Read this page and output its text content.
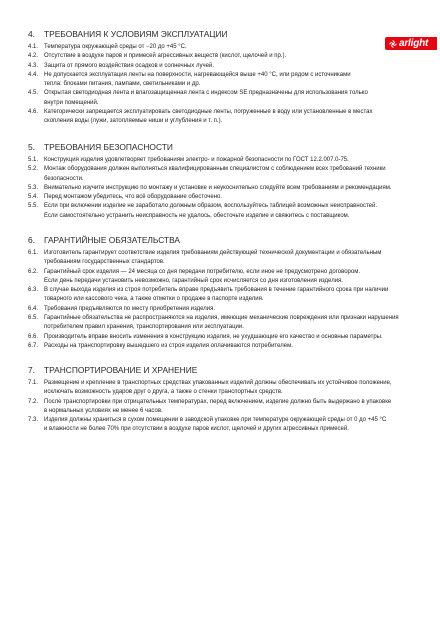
arlight
4.	ТРЕБОВАНИЯ К УСЛОВИЯМ ЭКСПЛУАТАЦИИ
4.1. Температура окружающей среды от −20 до +45 °C.
4.2. Отсутствие в воздухе паров и примесей агрессивных веществ (кислот, щелочей и пр.).
4.3. Защита от прямого воздействия осадков и солнечных лучей.
4.4. Не допускается эксплуатация ленты на поверхности, нагревающейся выше +40 °C, или рядом с источниками
тепла: блоками питания, лампами, светильниками и др.
4.5. Открытая светодиодная лента и влагозащищенная лента с индексом SE предназначены для использования только
внутри помещений.
4.6. Категорически запрещается эксплуатировать светодиодные ленты, погруженные в воду или установленные в местах
скопления воды (лужи, затопляемые ниши и углубления и т. п.).
5.	ТРЕБОВАНИЯ БЕЗОПАСНОСТИ
5.1. Конструкция изделия удовлетворяет требованиям электро- и пожарной безопасности по ГОСТ 12.2.007.0-75.
5.2. Монтаж оборудования должен выполняться квалифицированным специалистом с соблюдением всех требований техники
безопасности.
5.3. Внимательно изучите инструкцию по монтажу и установке и неукоснительно следуйте всем требованиям и рекомендациям.
5.4. Перед монтажом убедитесь, что всё оборудование обесточено.
5.5. Если при включении изделие не заработало должным образом, воспользуйтесь таблицей возможных неисправностей.
Если самостоятельно устранить неисправность не удалось, обесточьте изделие и свяжитесь с поставщиком.
6.	ГАРАНТИЙНЫЕ ОБЯЗАТЕЛЬСТВА
6.1. Изготовитель гарантирует соответствие изделия требованиям действующей технической документации и обязательным
требованиям государственных стандартов.
6.2. Гарантийный срок изделия — 24 месяца со дня передачи потребителю, если иное не предусмотрено договором.
Если день передачи установить невозможно, гарантийный срок исчисляется со дня изготовления изделия.
6.3. В случае выхода изделия из строя потребитель вправе предъявить требования в течение гарантийного срока при наличии
товарного или кассового чека, а также отметки о продаже в паспорте изделия.
6.4. Требования предъявляются по месту приобретения изделия.
6.5. Гарантийные обязательства не распространяются на изделия, имеющие механические повреждения или признаки нарушения
потребителем правил хранения, транспортирования или эксплуатации.
6.6. Производитель вправе вносить изменения в конструкцию изделия, не ухудшающие его качество и основные параметры.
6.7. Расходы на транспортировку вышедшего из строя изделия оплачиваются потребителем.
7.	ТРАНСПОРТИРОВАНИЕ И ХРАНЕНИЕ
7.1. Размещение и крепление в транспортных средствах упакованных изделий должны обеспечивать их устойчивое положение,
исключать возможность ударов друг о друга, а также о стенки транспортных средств.
7.2. После транспортировки при отрицательных температурах, перед включением, изделие должно быть выдержано в упаковке
в нормальных условиях не менее 6 часов.
7.3. Изделия должны храниться в сухом помещении в заводской упаковке при температуре окружающей среды от 0 до +45 °C
и влажности не более 70% при отсутствии в воздухе паров кислот, щелочей и других агрессивных примесей.
